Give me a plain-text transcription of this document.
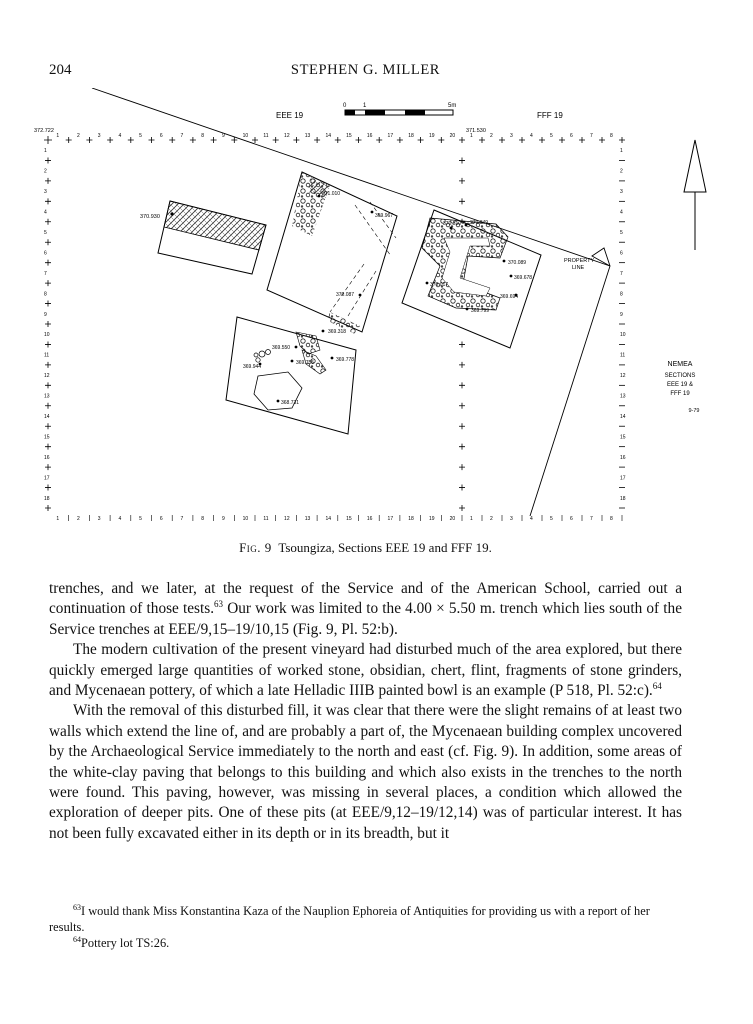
204	STEPHEN G. MILLER
1	2	3	4	5	6	7	8	9	10	11	12	13	14	15	16	17	18	19	20	1	2	3	4	5	6	7	8
1
2
3
4
5
6
7
8
9
10
11
12
13
14
15
16
17
18
1
2
3
4
5
6
7
8
9
10
11
12
13
14
15
16
17
18
1	2	3	4	5	6	7	8	9	10	11	12	13	14	15	16	17	18	19	20	1	2	3	4	5	6	7	8
EEE 19	FFF 19
0	1	5m
372.722	371.530
PROPERTY
LINE
370.930
371.010
369.967
370.087
370.349
370.510
370.089
369.678
369.694
370.017
369.799
369.318
369.550
369.778
369.755
369.944
368.731
NEMEA
SECTIONS
EEE 19 &
FFF 19
9-79
Fig. 9 Tsoungiza, Sections EEE 19 and FFF 19.

trenches, and we later, at the request of the Service and of the American School, carried out a continuation of those tests.$^{63}$ Our work was limited to the 4.00 × 5.50 m. trench which lies south of the Service trenches at EEE/9,15–19/10,15 (Fig. 9, Pl. 52:b).

The modern cultivation of the present vineyard had disturbed much of the area explored, but there quickly emerged large quantities of worked stone, obsidian, chert, flint, fragments of stone grinders, and Mycenaean pottery, of which a late Helladic IIIB painted bowl is an example (P 518, Pl. 52:c).$^{64}$

With the removal of this disturbed fill, it was clear that there were the slight remains of at least two walls which extend the line of, and are probably a part of, the Mycenaean building complex uncovered by the Archaeological Service immediately to the north and east (cf. Fig. 9). In addition, some areas of the white-clay paving that belongs to this building and which also exists in the trenches to the north were found. This paving, however, was missing in several places, a condition which allowed the exploration of deeper pits. One of these pits (at EEE/9,12–19/12,14) was of particular interest. It has not been fully excavated either in its depth or in its breadth, but it

$^{63}$I would thank Miss Konstantina Kaza of the Nauplion Ephoreia of Antiquities for providing us with a report of her results.

$^{64}$Pottery lot TS:26.
